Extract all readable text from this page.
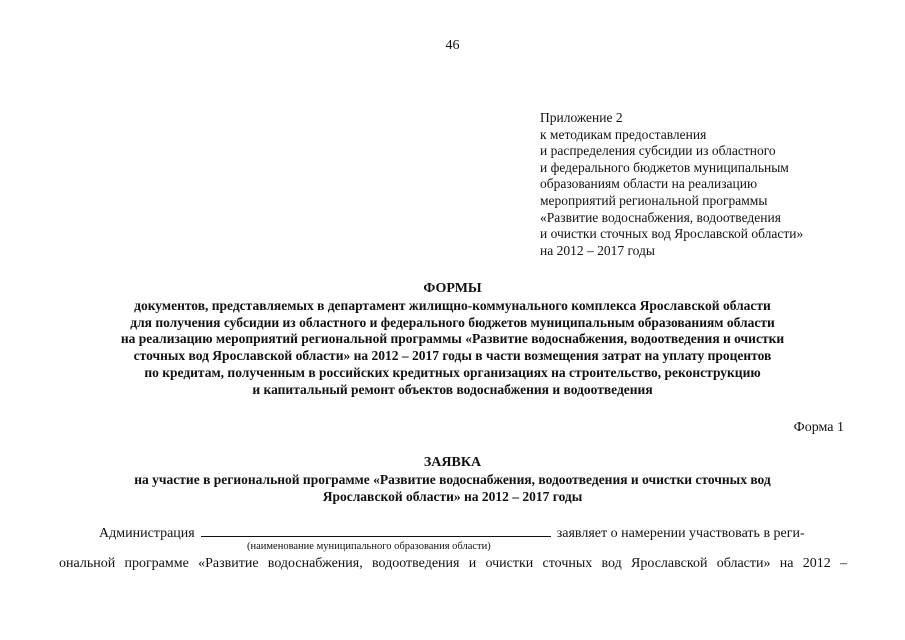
46
Приложение 2
к методикам предоставления
и распределения субсидии из областного
и федерального бюджетов муниципальным
образованиям области на реализацию
мероприятий региональной программы
«Развитие водоснабжения, водоотведения
и очистки сточных вод Ярославской области»
на 2012 – 2017 годы
ФОРМЫ
документов, представляемых в департамент жилищно-коммунального комплекса Ярославской области
для получения субсидии из областного и федерального бюджетов муниципальным образованиям области
на реализацию мероприятий региональной программы «Развитие водоснабжения, водоотведения и очистки
сточных вод Ярославской области» на 2012 – 2017 годы в части возмещения затрат на уплату процентов
по кредитам, полученным в российских кредитных организациях на строительство, реконструкцию
и капитальный ремонт объектов водоснабжения и водоотведения
Форма 1
ЗАЯВКА
на участие в региональной программе «Развитие водоснабжения, водоотведения и очистки сточных вод
Ярославской области» на 2012 – 2017 годы
Администрация	заявляет о намерении участвовать в реги-
(наименование муниципального образования области)
ональной программе «Развитие водоснабжения, водоотведения и очистки сточных вод Ярославской области» на 2012 –
